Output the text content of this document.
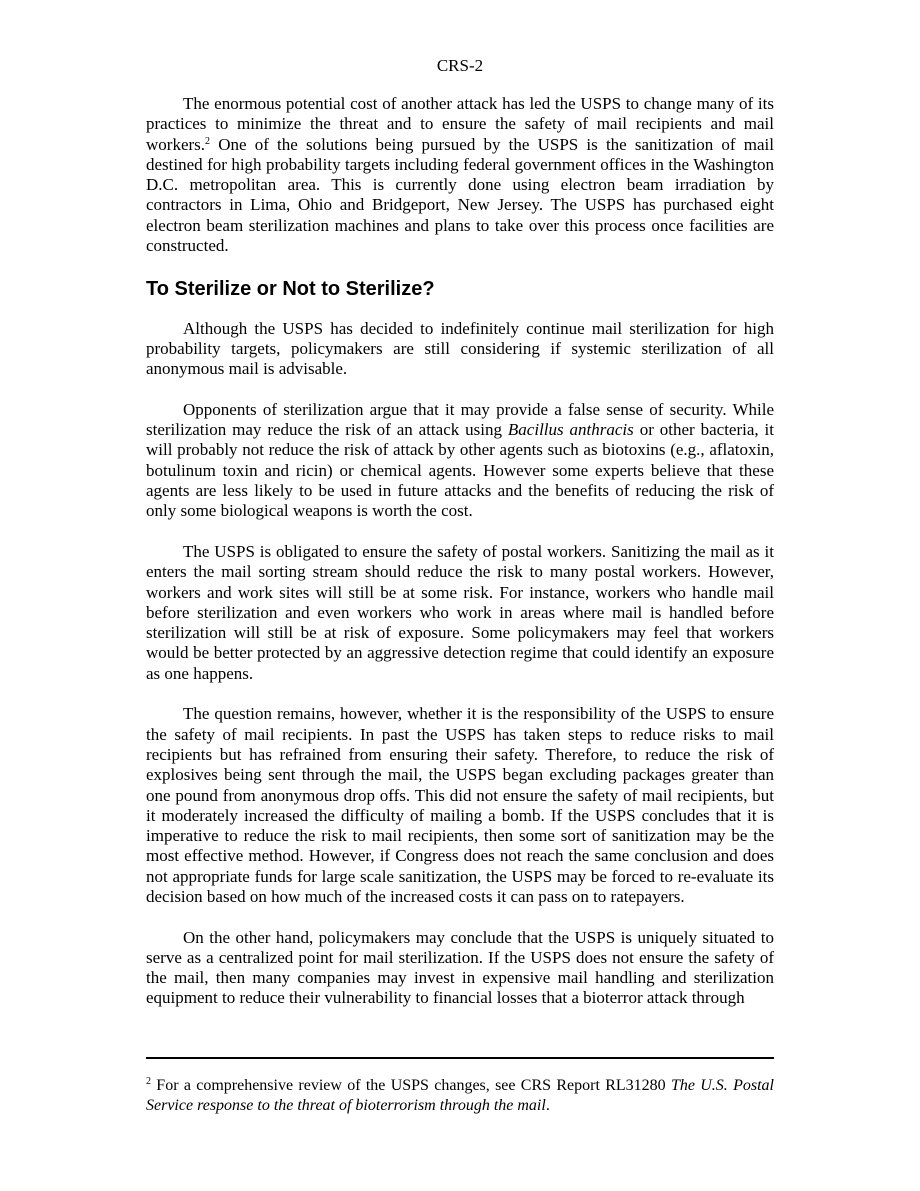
CRS-2

The enormous potential cost of another attack has led the USPS to change many of its practices to minimize the threat and to ensure the safety of mail recipients and mail workers.$^2$ One of the solutions being pursued by the USPS is the sanitization of mail destined for high probability targets including federal government offices in the Washington D.C. metropolitan area. This is currently done using electron beam irradiation by contractors in Lima, Ohio and Bridgeport, New Jersey. The USPS has purchased eight electron beam sterilization machines and plans to take over this process once facilities are constructed.

To Sterilize or Not to Sterilize?

Although the USPS has decided to indefinitely continue mail sterilization for high probability targets, policymakers are still considering if systemic sterilization of all anonymous mail is advisable.

Opponents of sterilization argue that it may provide a false sense of security. While sterilization may reduce the risk of an attack using Bacillus anthracis or other bacteria, it will probably not reduce the risk of attack by other agents such as biotoxins (e.g., aflatoxin, botulinum toxin and ricin) or chemical agents. However some experts believe that these agents are less likely to be used in future attacks and the benefits of reducing the risk of only some biological weapons is worth the cost.

The USPS is obligated to ensure the safety of postal workers. Sanitizing the mail as it enters the mail sorting stream should reduce the risk to many postal workers. However, workers and work sites will still be at some risk. For instance, workers who handle mail before sterilization and even workers who work in areas where mail is handled before sterilization will still be at risk of exposure. Some policymakers may feel that workers would be better protected by an aggressive detection regime that could identify an exposure as one happens.

The question remains, however, whether it is the responsibility of the USPS to ensure the safety of mail recipients. In past the USPS has taken steps to reduce risks to mail recipients but has refrained from ensuring their safety. Therefore, to reduce the risk of explosives being sent through the mail, the USPS began excluding packages greater than one pound from anonymous drop offs. This did not ensure the safety of mail recipients, but it moderately increased the difficulty of mailing a bomb. If the USPS concludes that it is imperative to reduce the risk to mail recipients, then some sort of sanitization may be the most effective method. However, if Congress does not reach the same conclusion and does not appropriate funds for large scale sanitization, the USPS may be forced to re-evaluate its decision based on how much of the increased costs it can pass on to ratepayers.

On the other hand, policymakers may conclude that the USPS is uniquely situated to serve as a centralized point for mail sterilization. If the USPS does not ensure the safety of the mail, then many companies may invest in expensive mail handling and sterilization equipment to reduce their vulnerability to financial losses that a bioterror attack through

$^2$ For a comprehensive review of the USPS changes, see CRS Report RL31280 The U.S. Postal Service response to the threat of bioterrorism through the mail.
